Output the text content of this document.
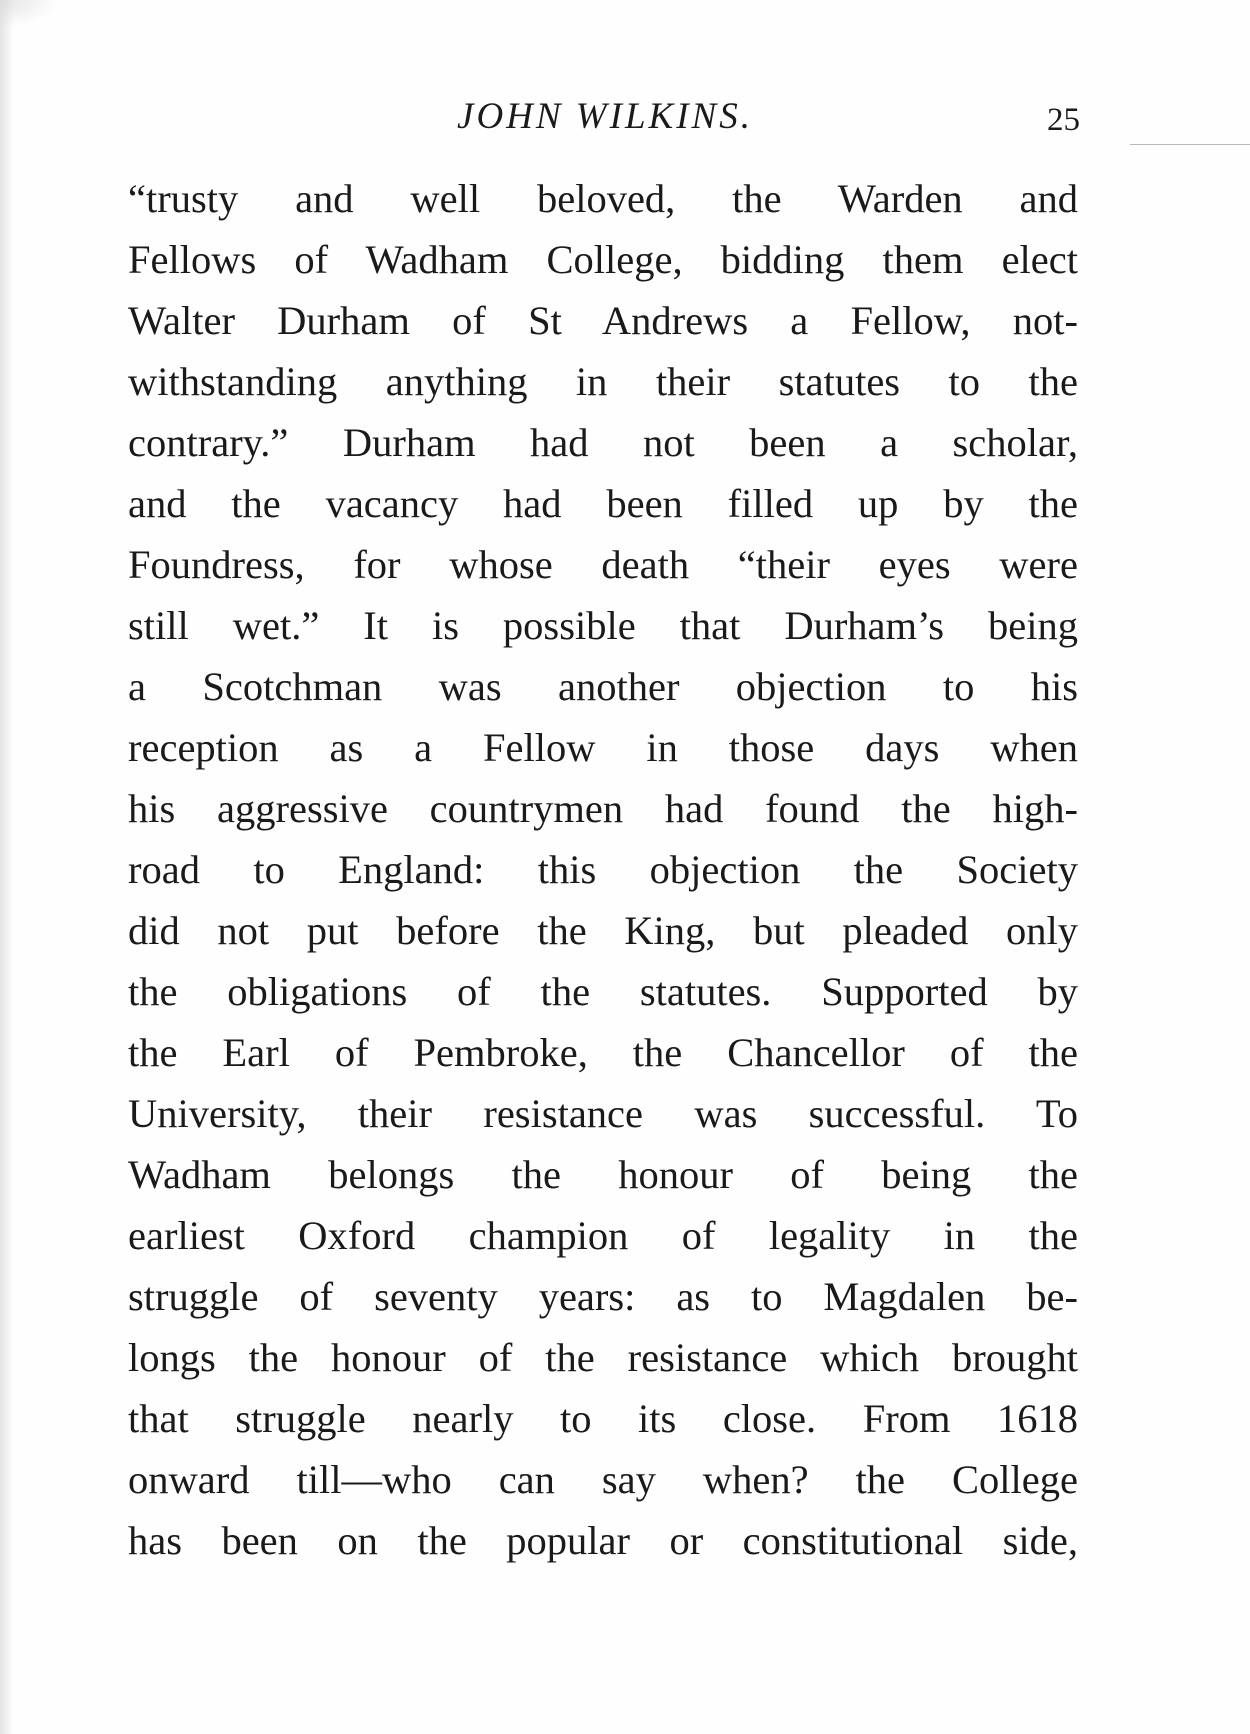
JOHN WILKINS.	25
“trusty and well beloved, the Warden and
Fellows of Wadham College, bidding them elect
Walter Durham of St Andrews a Fellow, not-
withstanding anything in their statutes to the
contrary.” Durham had not been a scholar,
and the vacancy had been filled up by the
Foundress, for whose death “their eyes were
still wet.” It is possible that Durham’s being
a Scotchman was another objection to his
reception as a Fellow in those days when
his aggressive countrymen had found the high-
road to England: this objection the Society
did not put before the King, but pleaded only
the obligations of the statutes. Supported by
the Earl of Pembroke, the Chancellor of the
University, their resistance was successful. To
Wadham belongs the honour of being the
earliest Oxford champion of legality in the
struggle of seventy years: as to Magdalen be-
longs the honour of the resistance which brought
that struggle nearly to its close. From 1618
onward till—who can say when? the College
has been on the popular or constitutional side,
